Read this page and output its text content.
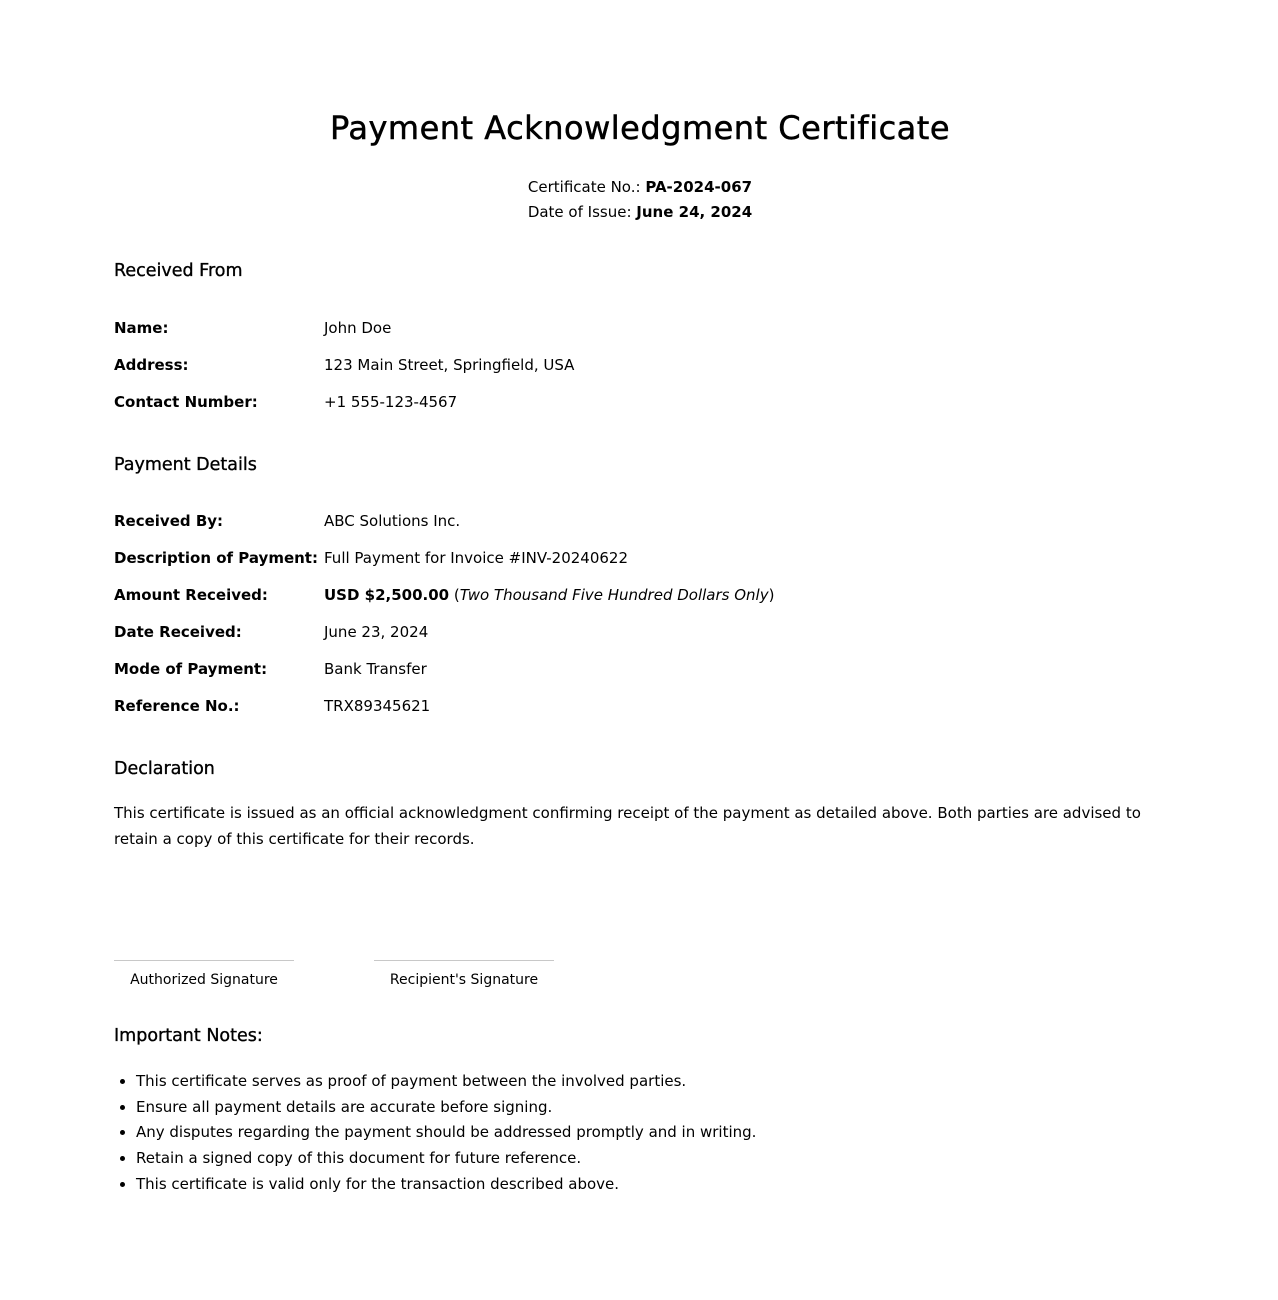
Payment Acknowledgment Certificate
Certificate No.: PA-2024-067
Date of Issue: June 24, 2024
Received From
Name:	John Doe
Address:	123 Main Street, Springfield, USA
Contact Number:	+1 555-123-4567
Payment Details
Received By:	ABC Solutions Inc.
Description of Payment: Full Payment for Invoice #INV-20240622
Amount Received:	USD $2,500.00 (Two Thousand Five Hundred Dollars Only)
Date Received:	June 23, 2024
Mode of Payment:	Bank Transfer
Reference No.:	TRX89345621
Declaration

This certificate is issued as an official acknowledgment confirming receipt of the payment as detailed above. Both parties are advised to retain a copy of this certificate for their records.

Authorized Signature	Recipient's Signature
Important Notes:
• This certificate serves as proof of payment between the involved parties.
• Ensure all payment details are accurate before signing.
• Any disputes regarding the payment should be addressed promptly and in writing.
• Retain a signed copy of this document for future reference.
• This certificate is valid only for the transaction described above.
